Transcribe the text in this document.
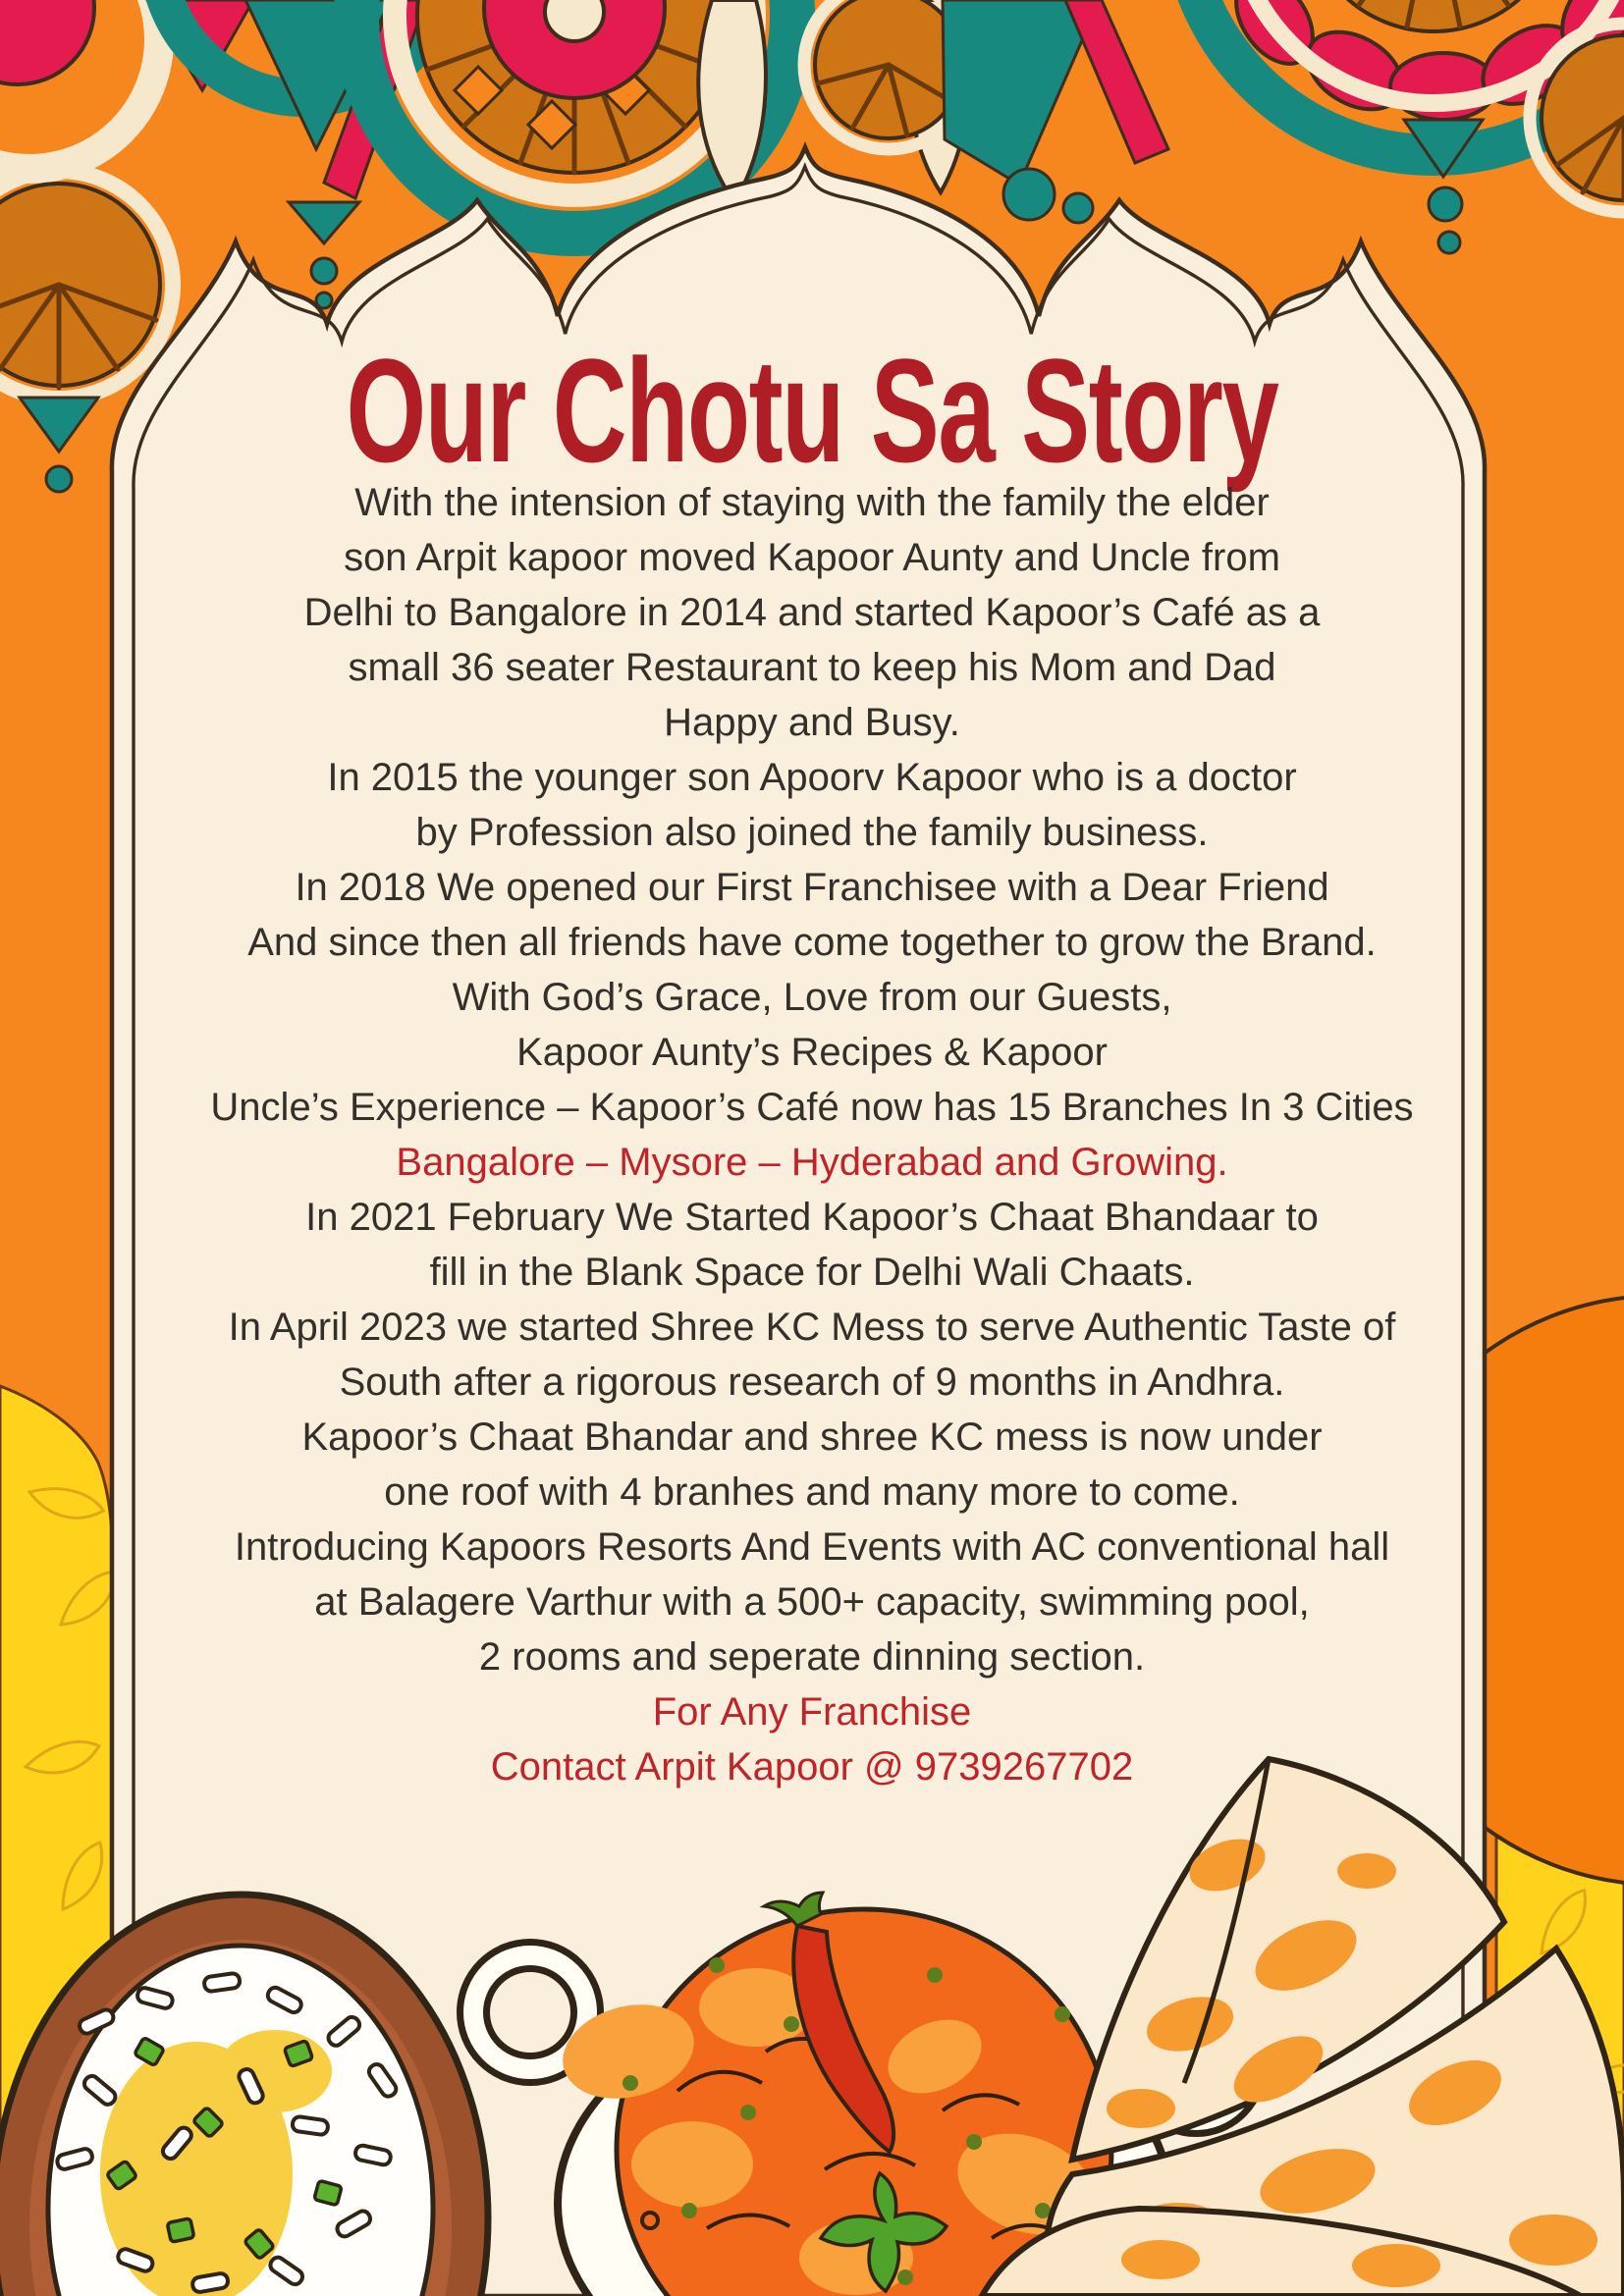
Our Chotu Sa Story
With the intension of staying with the family the elder
son Arpit kapoor moved Kapoor Aunty and Uncle from
Delhi to Bangalore in 2014 and started Kapoor’s Café as a
small 36 seater Restaurant to keep his Mom and Dad
Happy and Busy.
In 2015 the younger son Apoorv Kapoor who is a doctor
by Profession also joined the family business.
In 2018 We opened our First Franchisee with a Dear Friend
And since then all friends have come together to grow the Brand.
With God’s Grace, Love from our Guests,
Kapoor Aunty’s Recipes & Kapoor
Uncle’s Experience – Kapoor’s Café now has 15 Branches In 3 Cities
Bangalore – Mysore – Hyderabad and Growing.
In 2021 February We Started Kapoor’s Chaat Bhandaar to
fill in the Blank Space for Delhi Wali Chaats.
In April 2023 we started Shree KC Mess to serve Authentic Taste of
South after a rigorous research of 9 months in Andhra.
Kapoor’s Chaat Bhandar and shree KC mess is now under
one roof with 4 branhes and many more to come.
Introducing Kapoors Resorts And Events with AC conventional hall
at Balagere Varthur with a 500+ capacity, swimming pool,
2 rooms and seperate dinning section.
For Any Franchise
Contact Arpit Kapoor @ 9739267702
